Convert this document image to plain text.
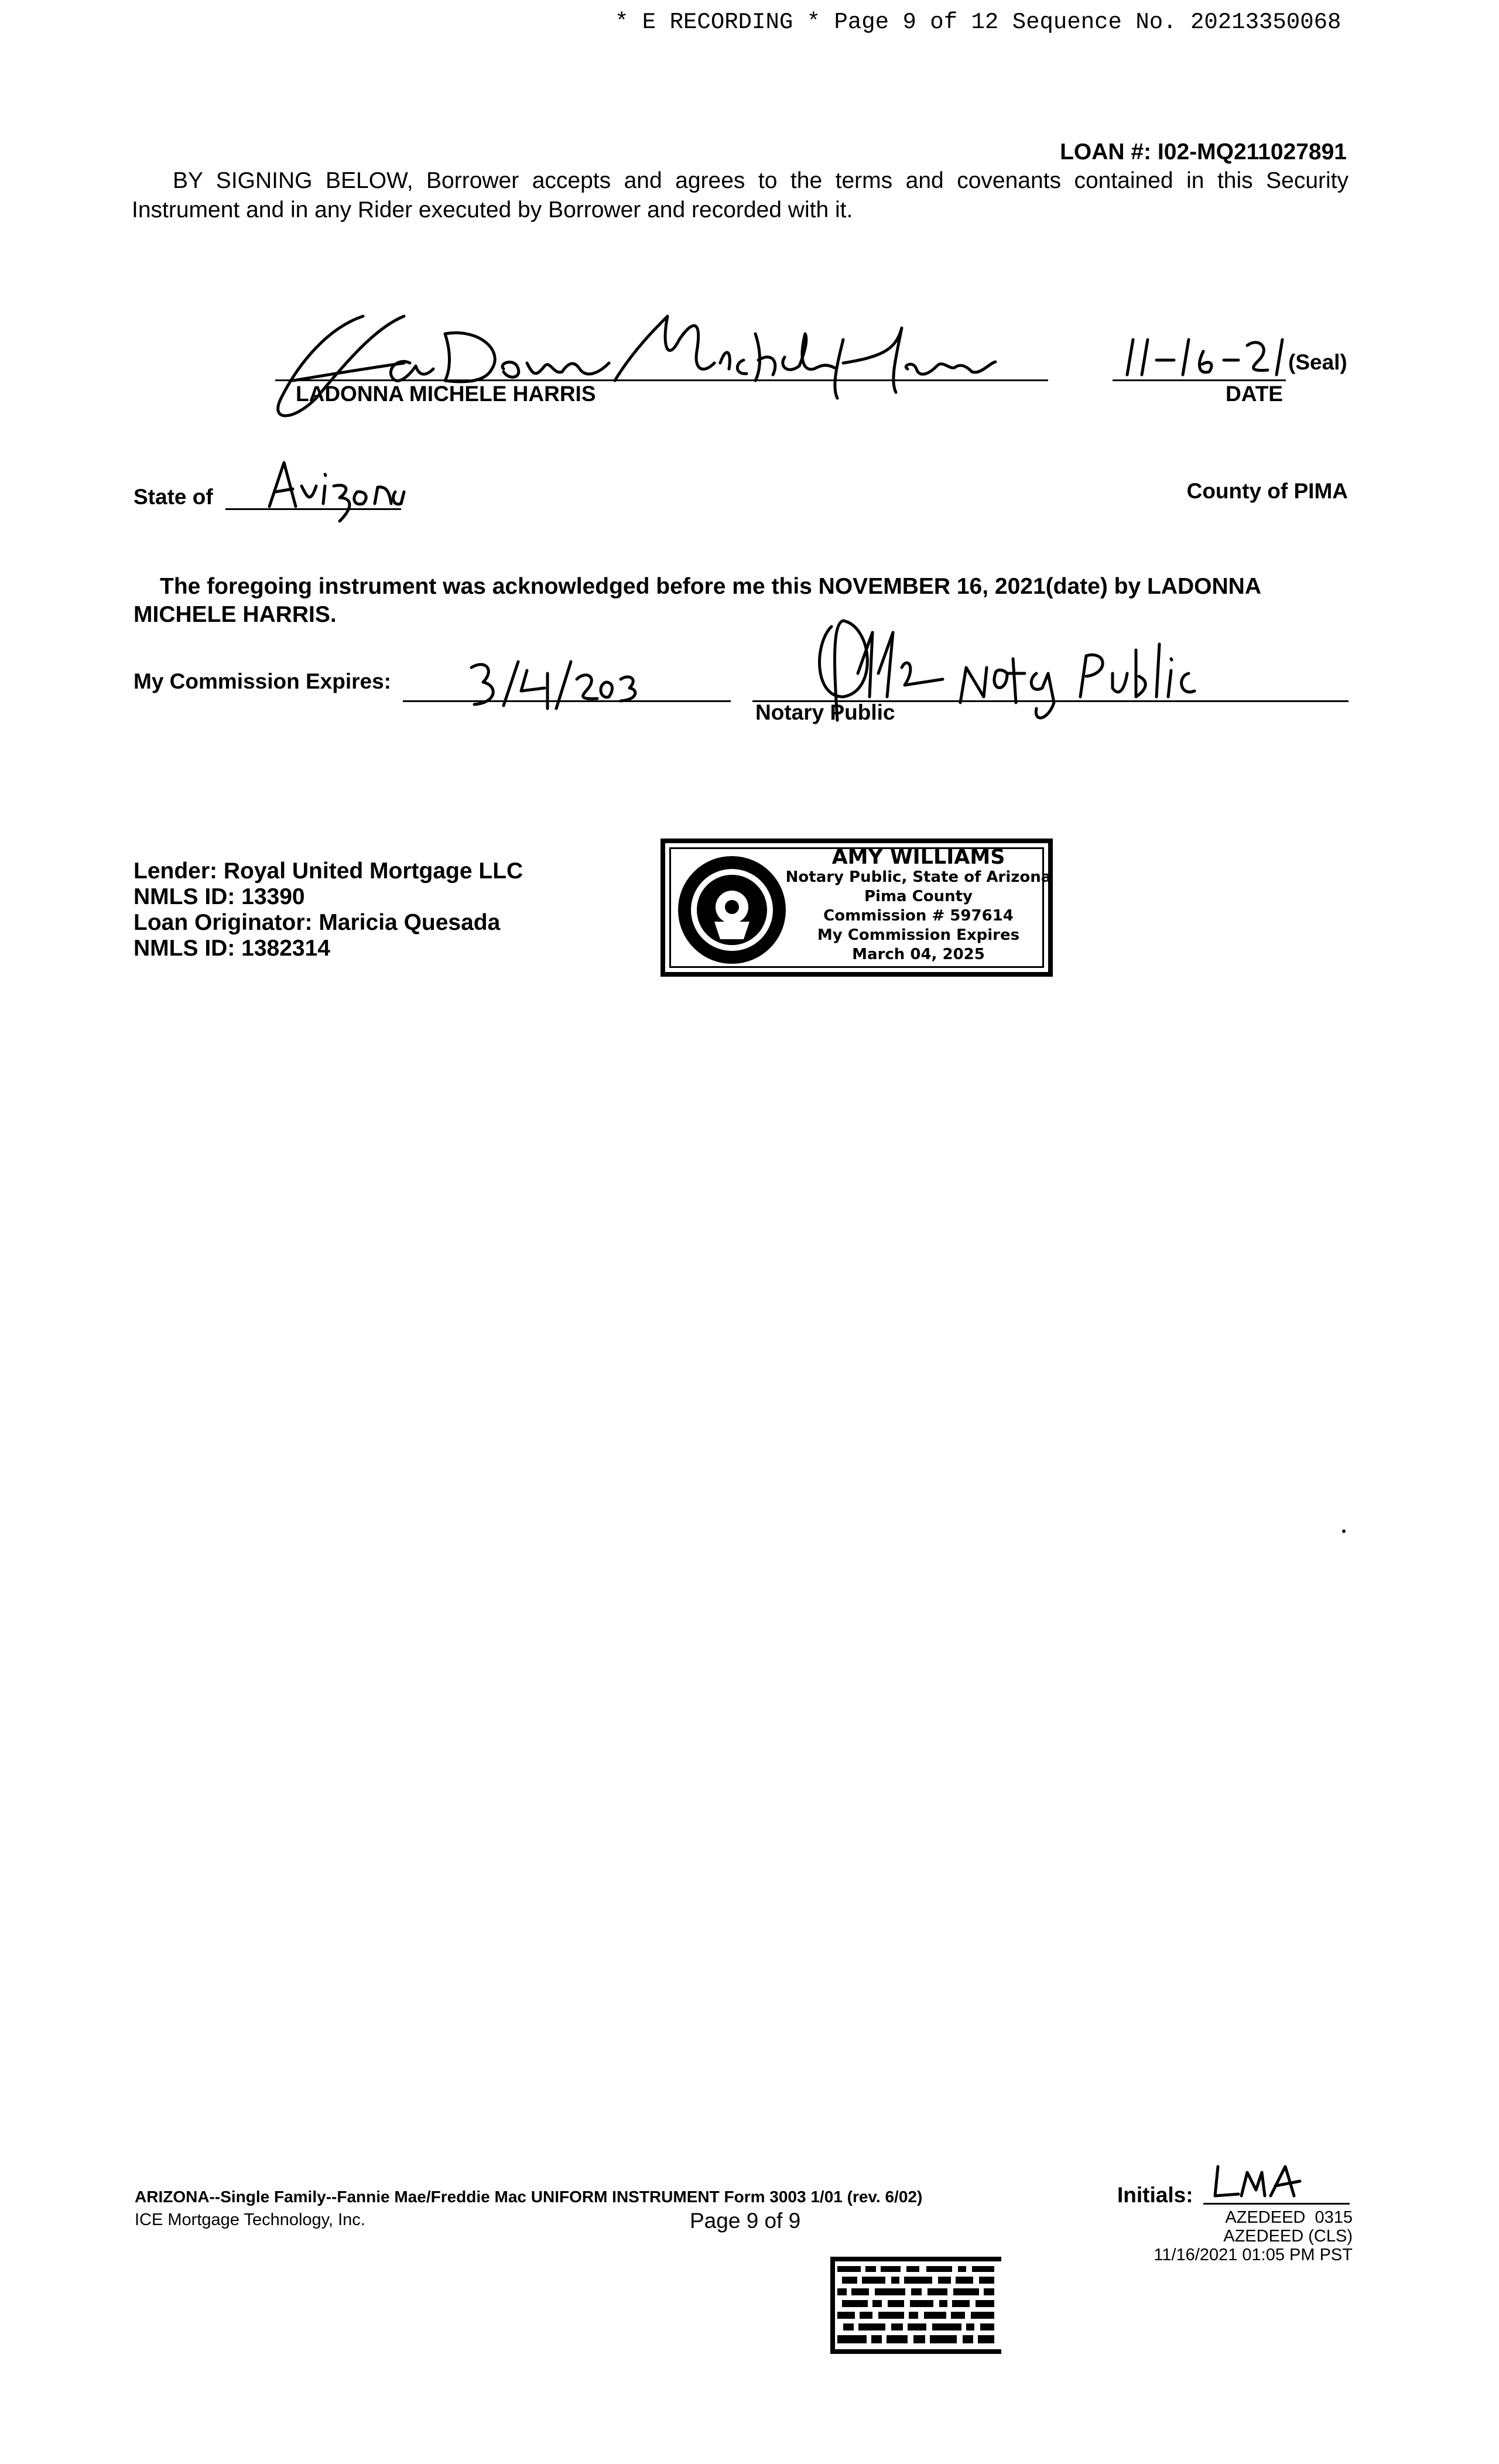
* E RECORDING * Page 9 of 12 Sequence No. 20213350068
LOAN #: I02-MQ211027891
BY SIGNING BELOW, Borrower accepts and agrees to the terms and covenants contained in this Security Instrument and in any Rider executed by Borrower and recorded with it.
LADONNA MICHELE HARRIS
(Seal)
DATE
State of	County of PIMA
The foregoing instrument was acknowledged before me this NOVEMBER 16, 2021(date) by LADONNA MICHELE HARRIS.
My Commission Expires:
Notary Public
Lender: Royal United Mortgage LLC
NMLS ID: 13390
Loan Originator: Maricia Quesada
NMLS ID: 1382314
AMY WILLIAMS
Notary Public, State of Arizona
Pima County
Commission # 597614
My Commission Expires
March 04, 2025
ARIZONA--Single Family--Fannie Mae/Freddie Mac UNIFORM INSTRUMENT Form 3003 1/01 (rev. 6/02)
ICE Mortgage Technology, Inc.	Page 9 of 9
Initials:
AZEDEED  0315
AZEDEED (CLS)
11/16/2021 01:05 PM PST
